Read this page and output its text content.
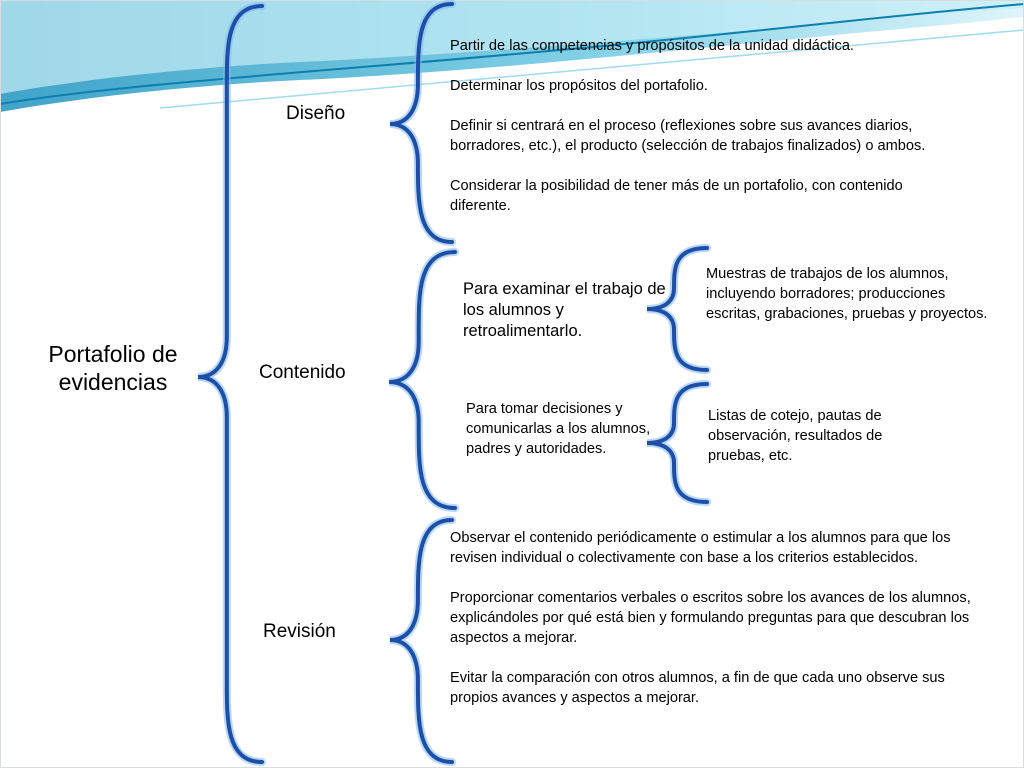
Portafolio de
evidencias
Diseño
Contenido
Revisión

Partir de las competencias y propósitos de la unidad didáctica.

Determinar los propósitos del portafolio.

Definir si centrará en el proceso (reflexiones sobre sus avances diarios, borradores, etc.), el producto (selección de trabajos finalizados) o ambos.

Considerar la posibilidad de tener más de un portafolio, con contenido diferente.

Para examinar el trabajo de los alumnos y retroalimentarlo.
Muestras de trabajos de los alumnos, incluyendo borradores; producciones escritas, grabaciones, pruebas y proyectos.
Para tomar decisiones y comunicarlas a los alumnos, padres y autoridades.
Listas de cotejo, pautas de observación, resultados de pruebas, etc.

Observar el contenido periódicamente o estimular a los alumnos para que los revisen individual o colectivamente con base a los criterios establecidos.

Proporcionar comentarios verbales o escritos sobre los avances de los alumnos, explicándoles por qué está bien y formulando preguntas para que descubran los aspectos a mejorar.

Evitar la comparación con otros alumnos, a fin de que cada uno observe sus propios avances y aspectos a mejorar.
